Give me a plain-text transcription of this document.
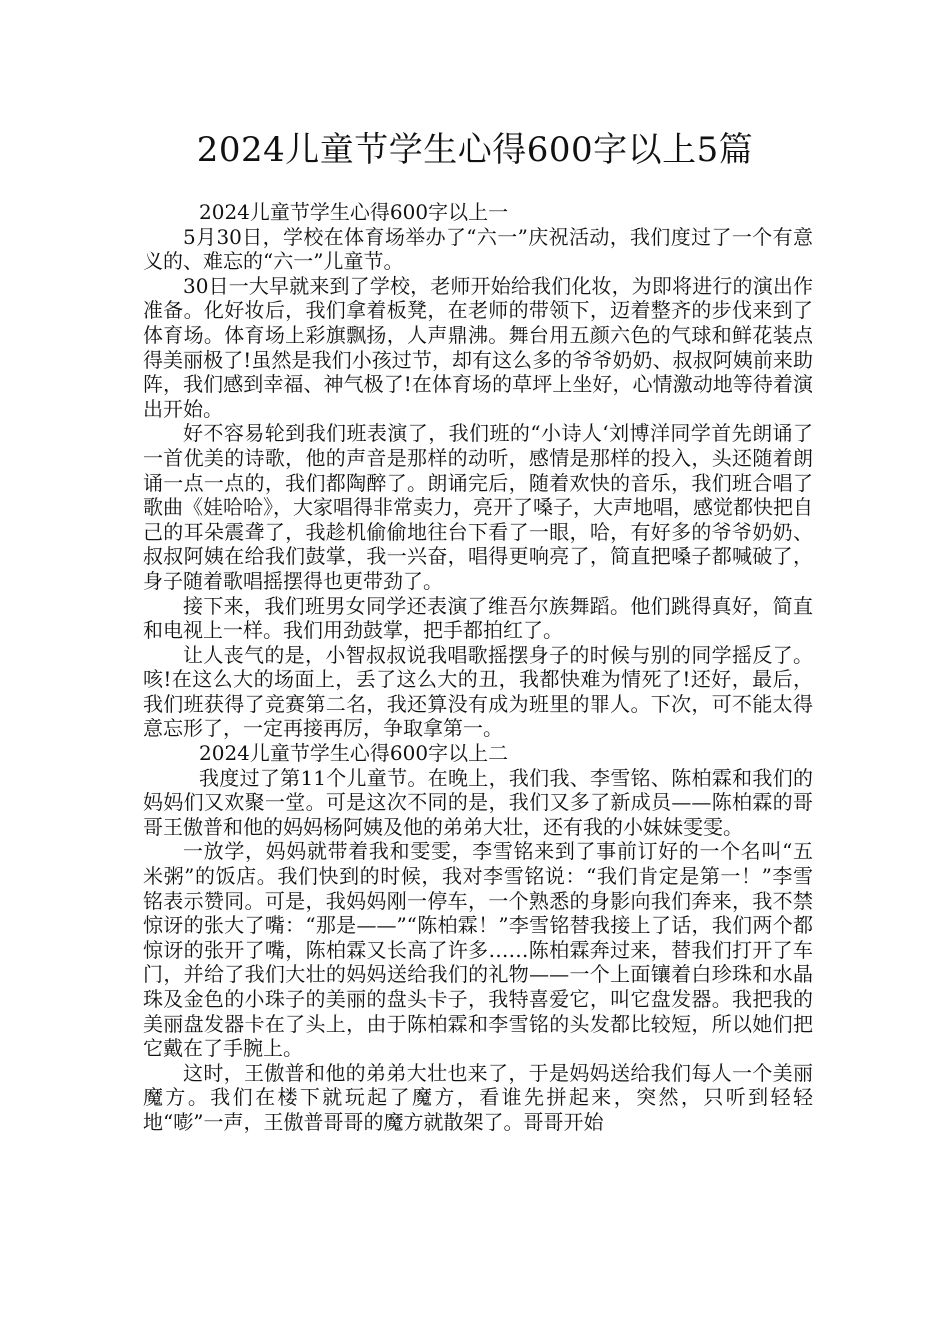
2024儿童节学生心得600字以上5篇

2024儿童节学生心得600字以上一

5月30日，学校在体育场举办了“六一”庆祝活动，我们度过了一个有意义的、难忘的“六一”儿童节。

30日一大早就来到了学校，老师开始给我们化妆，为即将进行的演出作准备。化好妆后，我们拿着板凳，在老师的带领下，迈着整齐的步伐来到了体育场。体育场上彩旗飘扬，人声鼎沸。舞台用五颜六色的气球和鲜花装点得美丽极了!虽然是我们小孩过节，却有这么多的爷爷奶奶、叔叔阿姨前来助阵，我们感到幸福、神气极了!在体育场的草坪上坐好，心情激动地等待着演出开始。

好不容易轮到我们班表演了，我们班的“小诗人‘刘博洋同学首先朗诵了一首优美的诗歌，他的声音是那样的动听，感情是那样的投入，头还随着朗诵一点一点的，我们都陶醉了。朗诵完后，随着欢快的音乐，我们班合唱了歌曲《娃哈哈》，大家唱得非常卖力，亮开了嗓子，大声地唱，感觉都快把自己的耳朵震聋了，我趁机偷偷地往台下看了一眼，哈，有好多的爷爷奶奶、叔叔阿姨在给我们鼓掌，我一兴奋，唱得更响亮了，简直把嗓子都喊破了，身子随着歌唱摇摆得也更带劲了。

接下来，我们班男女同学还表演了维吾尔族舞蹈。他们跳得真好，简直和电视上一样。我们用劲鼓掌，把手都拍红了。

让人丧气的是，小智叔叔说我唱歌摇摆身子的时候与别的同学摇反了。咳!在这么大的场面上，丢了这么大的丑，我都快难为情死了!还好，最后，我们班获得了竞赛第二名，我还算没有成为班里的罪人。下次，可不能太得意忘形了，一定再接再厉，争取拿第一。

2024儿童节学生心得600字以上二

我度过了第11个儿童节。在晚上，我们我、李雪铭、陈柏霖和我们的妈妈们又欢聚一堂。可是这次不同的是，我们又多了新成员——陈柏霖的哥哥王傲普和他的妈妈杨阿姨及他的弟弟大壮，还有我的小妹妹雯雯。

一放学，妈妈就带着我和雯雯，李雪铭来到了事前订好的一个名叫“五米粥”的饭店。我们快到的时候，我对李雪铭说：“我们肯定是第一！”李雪铭表示赞同。可是，我妈妈刚一停车，一个熟悉的身影向我们奔来，我不禁惊讶的张大了嘴：“那是——”“陈柏霖！”李雪铭替我接上了话，我们两个都惊讶的张开了嘴，陈柏霖又长高了许多……陈柏霖奔过来，替我们打开了车门，并给了我们大壮的妈妈送给我们的礼物——一个上面镶着白珍珠和水晶珠及金色的小珠子的美丽的盘头卡子，我特喜爱它，叫它盘发器。我把我的美丽盘发器卡在了头上，由于陈柏霖和李雪铭的头发都比较短，所以她们把它戴在了手腕上。

这时，王傲普和他的弟弟大壮也来了，于是妈妈送给我们每人一个美丽魔方。我们在楼下就玩起了魔方，看谁先拼起来，突然，只听到轻轻地“嘭”一声，王傲普哥哥的魔方就散架了。哥哥开始
